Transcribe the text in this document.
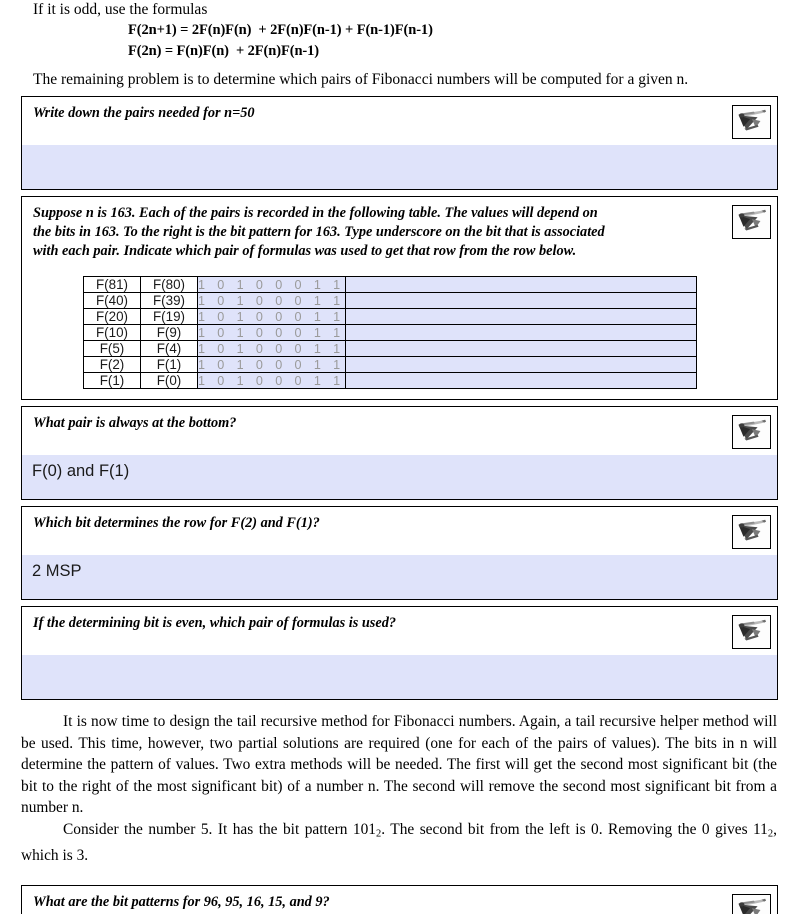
If it is odd, use the formulas

F(2n+1) = 2F(n)F(n)  + 2F(n)F(n-1) + F(n-1)F(n-1)
F(2n) = F(n)F(n)  + 2F(n)F(n-1)

The remaining problem is to determine which pairs of Fibonacci numbers will be computed for a given n.

Write down the pairs needed for n=50
Suppose n is 163. Each of the pairs is recorded in the following table. The values will depend on
the bits in 163. To the right is the bit pattern for 163. Type underscore on the bit that is associated
with each pair. Indicate which pair of formulas was used to get that row from the row below.
F(81)	F(80)	1 0 1 0 0 0 1 1	
F(40)	F(39)	1 0 1 0 0 0 1 1	
F(20)	F(19)	1 0 1 0 0 0 1 1	
F(10)	F(9)	1 0 1 0 0 0 1 1	
F(5)	F(4)	1 0 1 0 0 0 1 1	
F(2)	F(1)	1 0 1 0 0 0 1 1	
F(1)	F(0)	1 0 1 0 0 0 1 1	
What pair is always at the bottom?
F(0) and F(1)
Which bit determines the row for F(2) and F(1)?
2 MSP
If the determining bit is even, which pair of formulas is used?

It is now time to design the tail recursive method for Fibonacci numbers. Again, a tail recursive helper method will be used. This time, however, two partial solutions are required (one for each of the pairs of values). The bits in n will determine the pattern of values. Two extra methods will be needed. The first will get the second most significant bit (the bit to the right of the most significant bit) of a number n. The second will remove the second most significant bit from a number n.

Consider the number 5. It has the bit pattern $101_2$. The second bit from the left is 0. Removing the 0 gives $11_2$, which is 3.

What are the bit patterns for 96, 95, 16, 15, and 9?
